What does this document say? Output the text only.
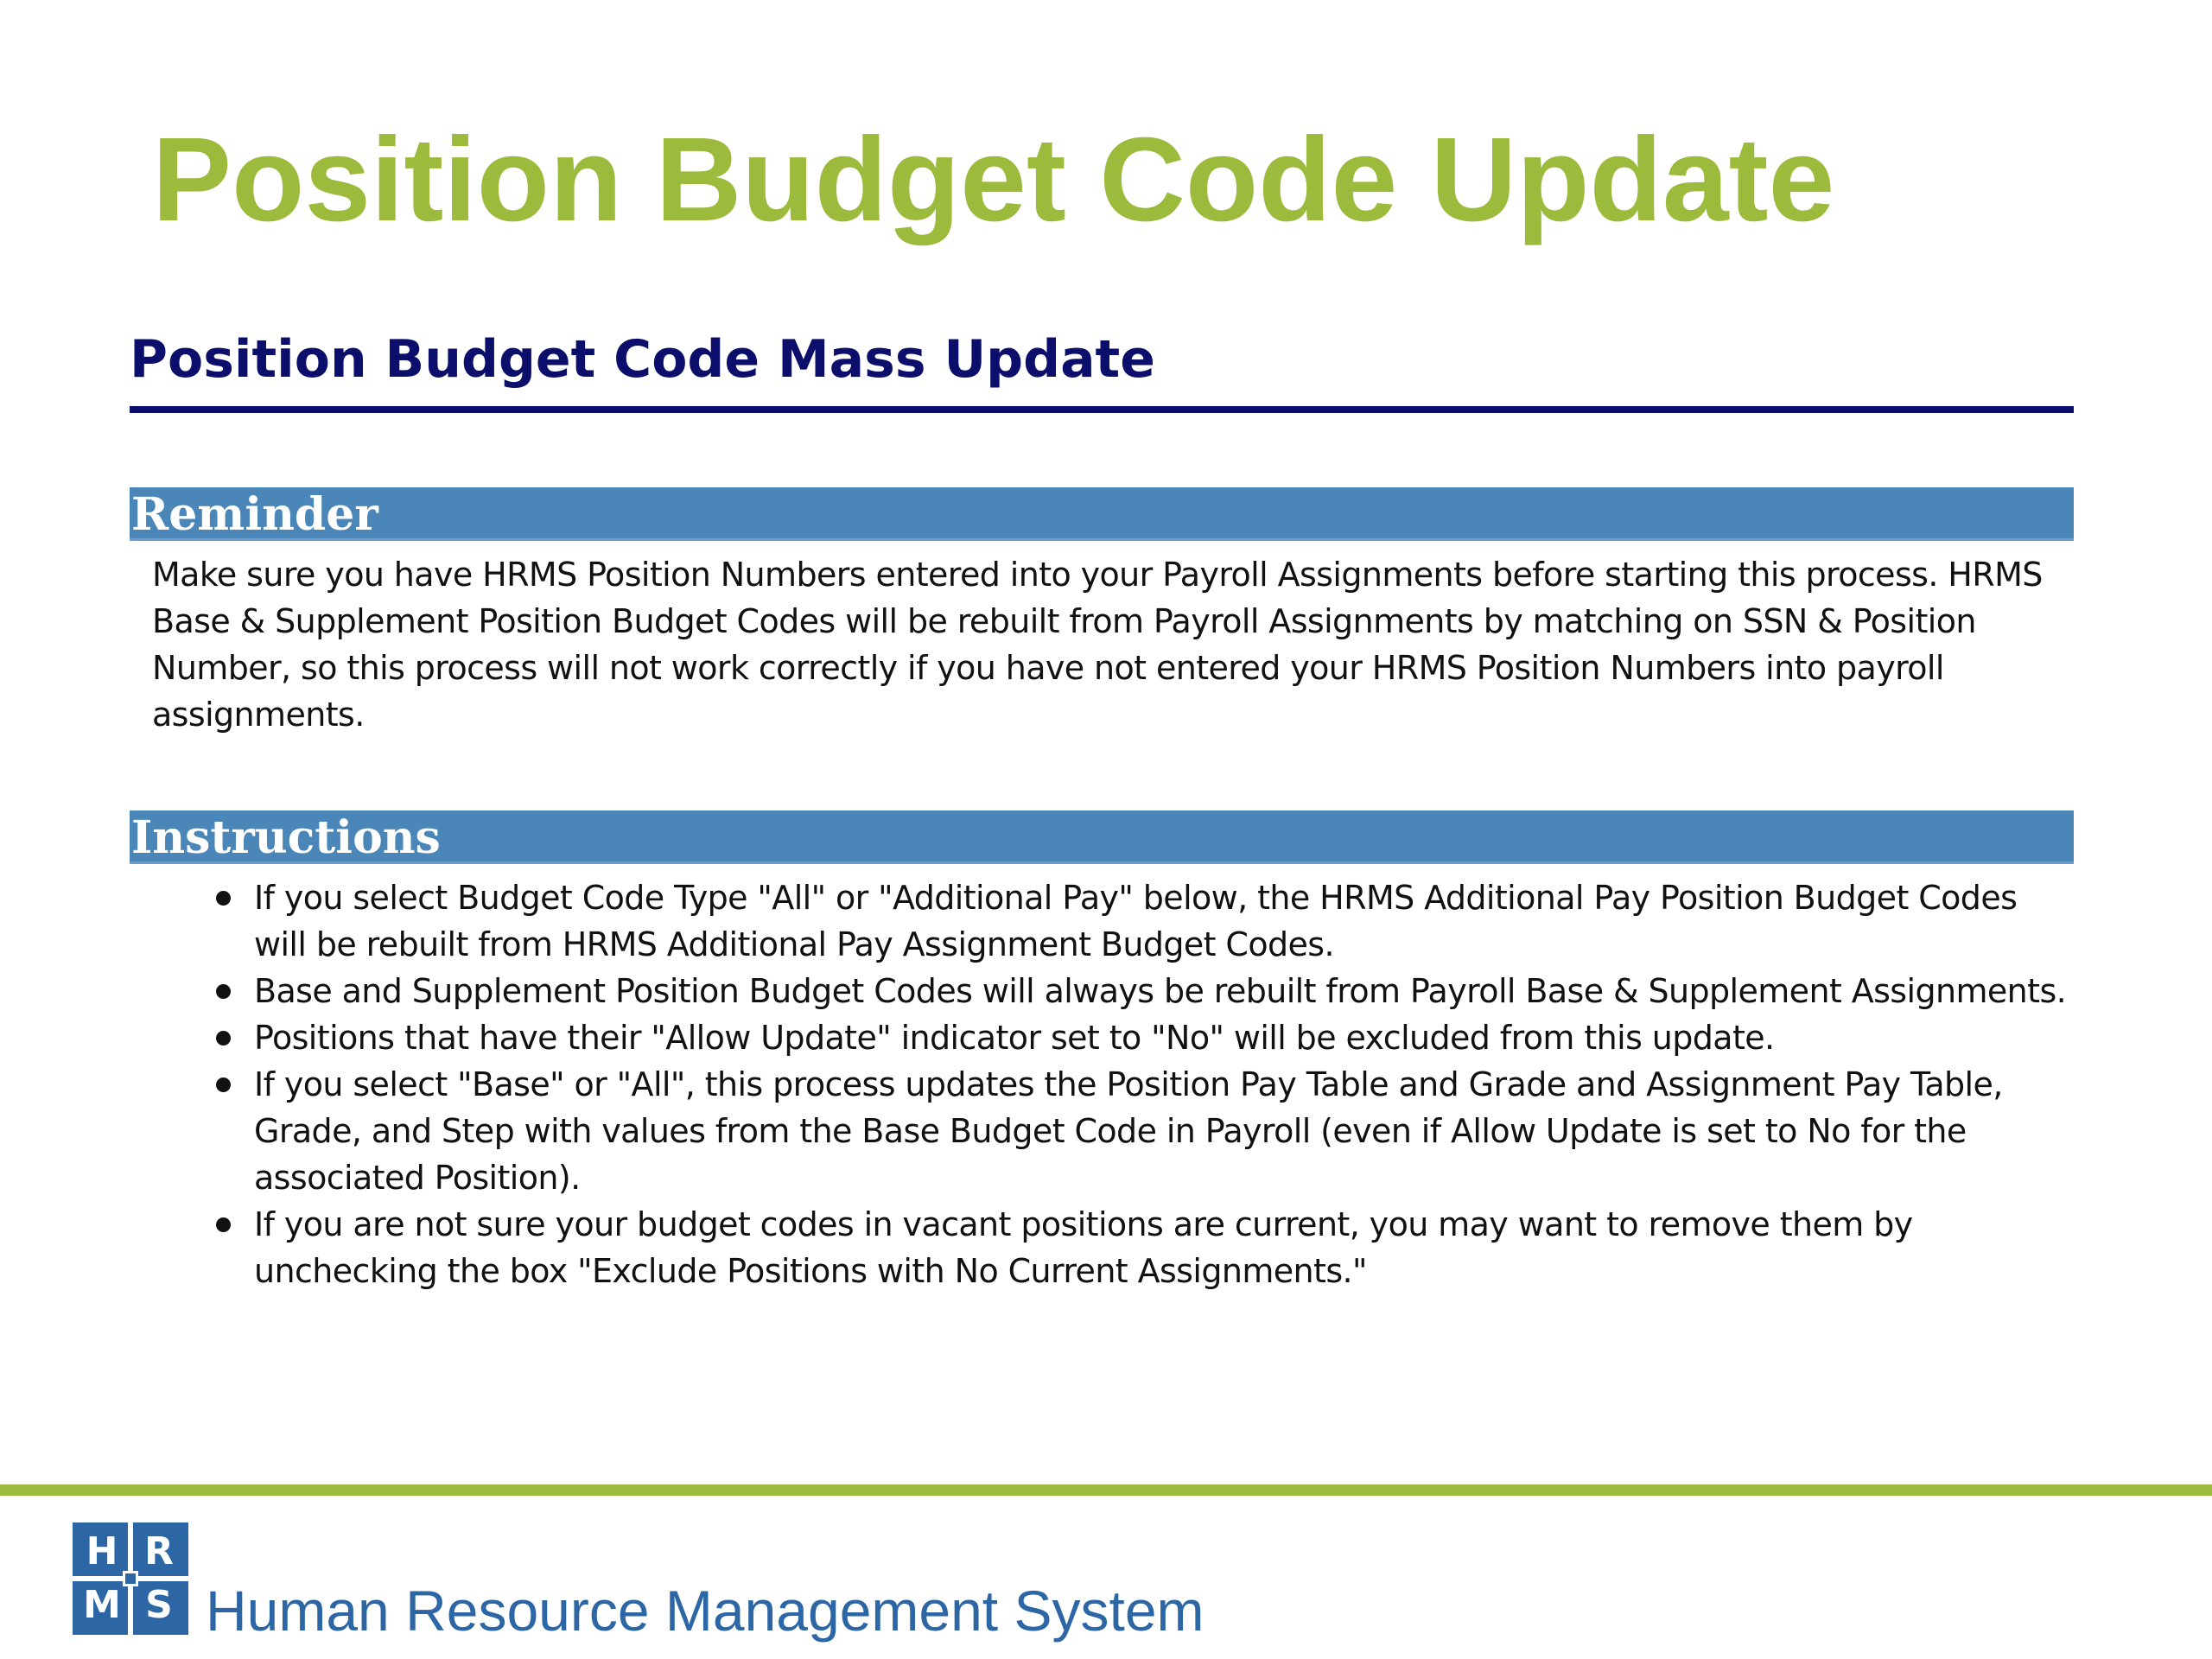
Position Budget Code Update
Position Budget Code Mass Update
Reminder

Make sure you have HRMS Position Numbers entered into your Payroll Assignments before starting this process. HRMS Base & Supplement Position Budget Codes will be rebuilt from Payroll Assignments by matching on SSN & Position Number, so this process will not work correctly if you have not entered your HRMS Position Numbers into payroll assignments.

Instructions
If you select Budget Code Type "All" or "Additional Pay" below, the HRMS Additional Pay Position Budget Codes will be rebuilt from HRMS Additional Pay Assignment Budget Codes.
Base and Supplement Position Budget Codes will always be rebuilt from Payroll Base & Supplement Assignments.
Positions that have their "Allow Update" indicator set to "No" will be excluded from this update.
If you select "Base" or "All", this process updates the Position Pay Table and Grade and Assignment Pay Table, Grade, and Step with values from the Base Budget Code in Payroll (even if Allow Update is set to No for the associated Position).
If you are not sure your budget codes in vacant positions are current, you may want to remove them by unchecking the box "Exclude Positions with No Current Assignments."
H R
M S Human Resource Management System
